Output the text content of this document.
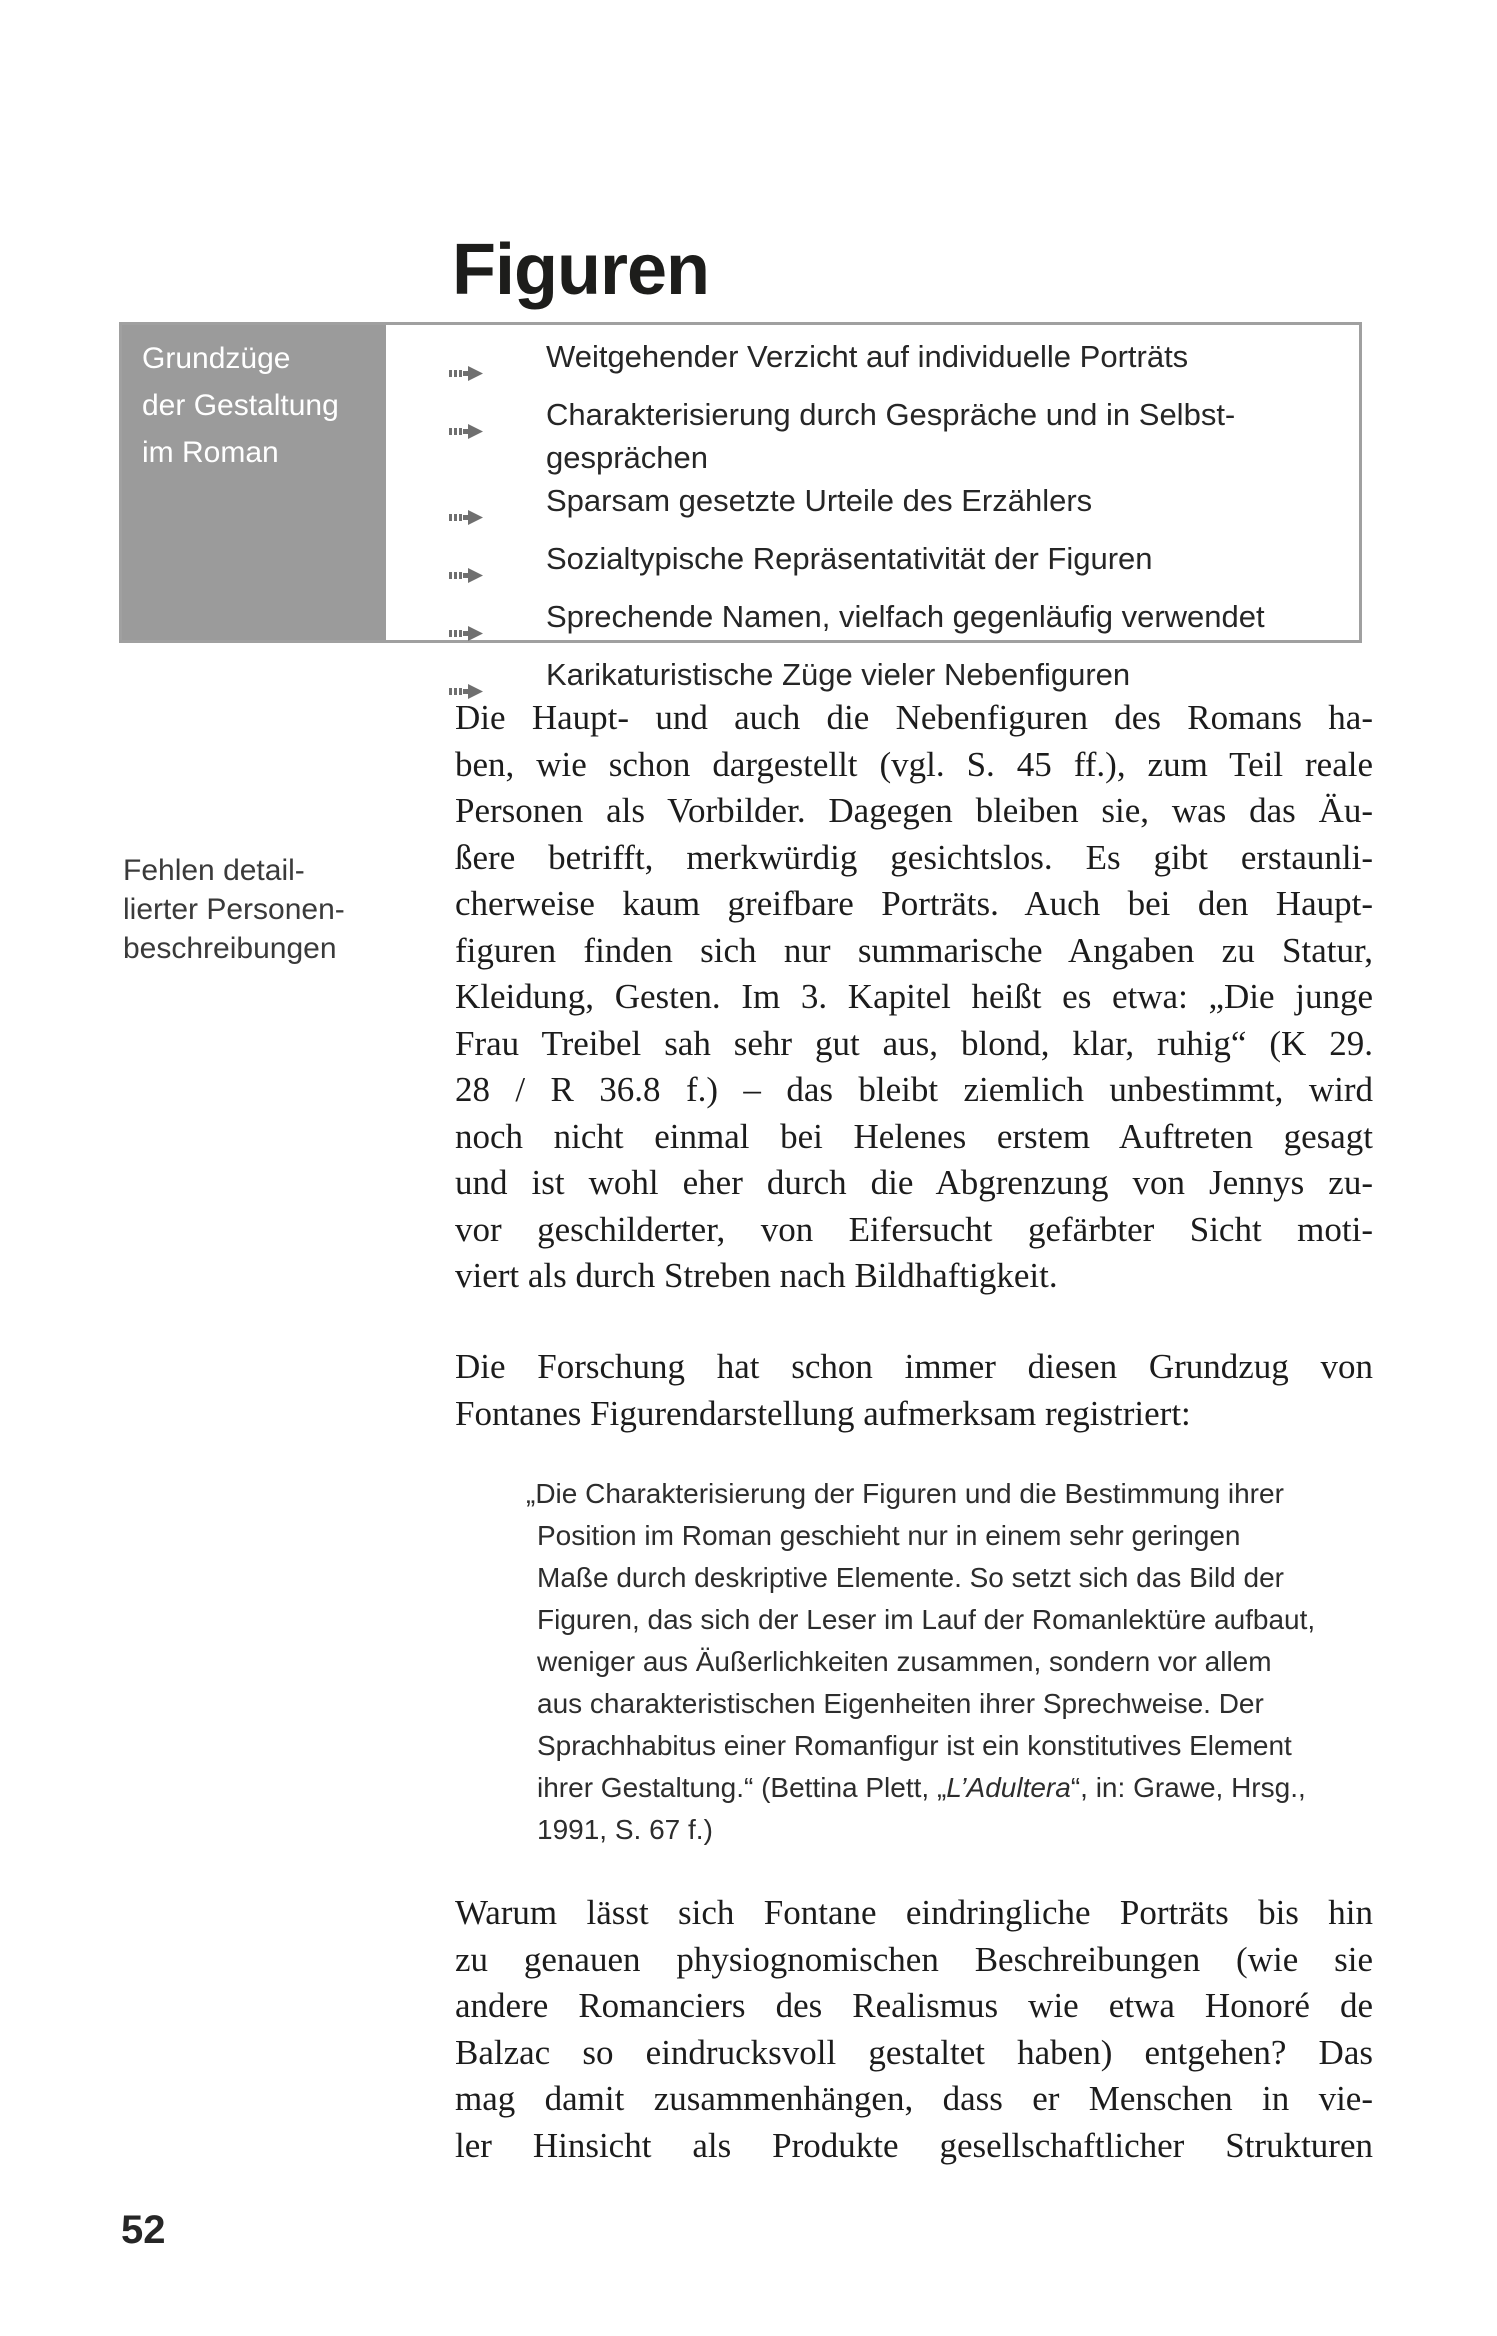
Figuren
Grundzüge
der Gestaltung
im Roman
Weitgehender Verzicht auf individuelle Porträts
Charakterisierung durch Gespräche und in Selbst-
gesprächen
Sparsam gesetzte Urteile des Erzählers
Sozialtypische Repräsentativität der Figuren
Sprechende Namen, vielfach gegenläufig verwendet
Karikaturistische Züge vieler Nebenfiguren
Fehlen detail-
lierter Personen-
beschreibungen
Die Haupt- und auch die Nebenfiguren des Romans ha-
ben, wie schon dargestellt (vgl. S. 45 ff.), zum Teil reale
Personen als Vorbilder. Dagegen bleiben sie, was das Äu-
ßere betrifft, merkwürdig gesichtslos. Es gibt erstaunli-
cherweise kaum greifbare Porträts. Auch bei den Haupt-
figuren finden sich nur summarische Angaben zu Statur,
Kleidung, Gesten. Im 3. Kapitel heißt es etwa: „Die junge
Frau Treibel sah sehr gut aus, blond, klar, ruhig“ (K 29.
28 / R 36.8 f.) – das bleibt ziemlich unbestimmt, wird
noch nicht einmal bei Helenes erstem Auftreten gesagt
und ist wohl eher durch die Abgrenzung von Jennys zu-
vor geschilderter, von Eifersucht gefärbter Sicht moti-
viert als durch Streben nach Bildhaftigkeit.
Die Forschung hat schon immer diesen Grundzug von
Fontanes Figurendarstellung aufmerksam registriert:
„Die Charakterisierung der Figuren und die Bestimmung ihrer
Position im Roman geschieht nur in einem sehr geringen
Maße durch deskriptive Elemente. So setzt sich das Bild der
Figuren, das sich der Leser im Lauf der Romanlektüre aufbaut,
weniger aus Äußerlichkeiten zusammen, sondern vor allem
aus charakteristischen Eigenheiten ihrer Sprechweise. Der
Sprachhabitus einer Romanfigur ist ein konstitutives Element
ihrer Gestaltung.“ (Bettina Plett, „L’Adultera“, in: Grawe, Hrsg.,
1991, S. 67 f.)
Warum lässt sich Fontane eindringliche Porträts bis hin
zu genauen physiognomischen Beschreibungen (wie sie
andere Romanciers des Realismus wie etwa Honoré de
Balzac so eindrucksvoll gestaltet haben) entgehen? Das
mag damit zusammenhängen, dass er Menschen in vie-
ler Hinsicht als Produkte gesellschaftlicher Strukturen
52
